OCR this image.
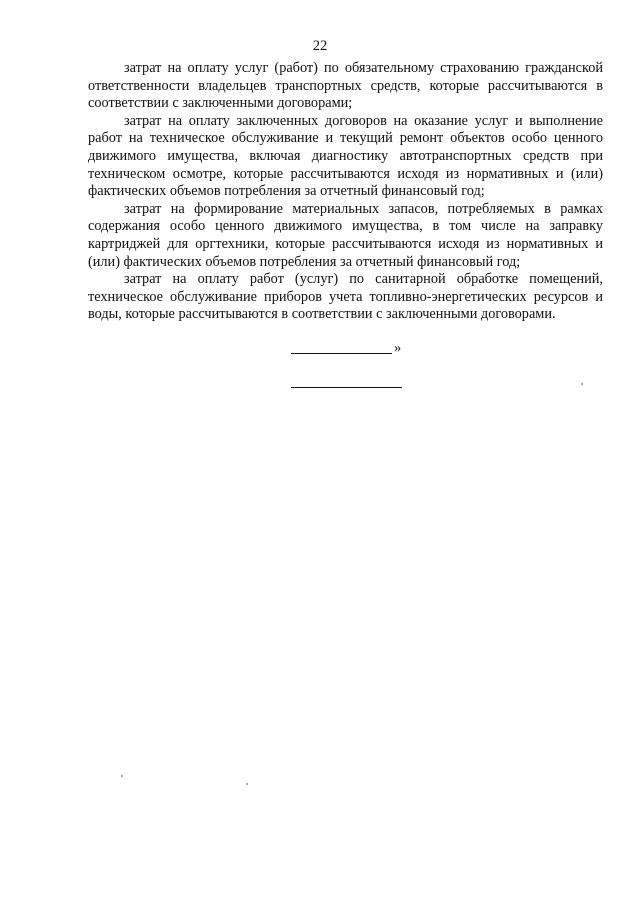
22

затрат на оплату услуг (работ) по обязательному страхованию гражданской ответственности владельцев транспортных средств, которые рассчитываются в соответствии с заключенными договорами;

затрат на оплату заключенных договоров на оказание услуг и выполнение работ на техническое обслуживание и текущий ремонт объектов особо ценного движимого имущества, включая диагностику автотранспортных средств при техническом осмотре, которые рассчитываются исходя из нормативных и (или) фактических объемов потребления за отчетный финансовый год;

затрат на формирование материальных запасов, потребляемых в рамках содержания особо ценного движимого имущества, в том числе на заправку картриджей для оргтехники, которые рассчитываются исходя из нормативных и (или) фактических объемов потребления за отчетный финансовый год;

затрат на оплату работ (услуг) по санитарной обработке помещений, техническое обслуживание приборов учета топливно-энергетических ресурсов и воды, которые рассчитываются в соответствии с заключенными договорами.

»
